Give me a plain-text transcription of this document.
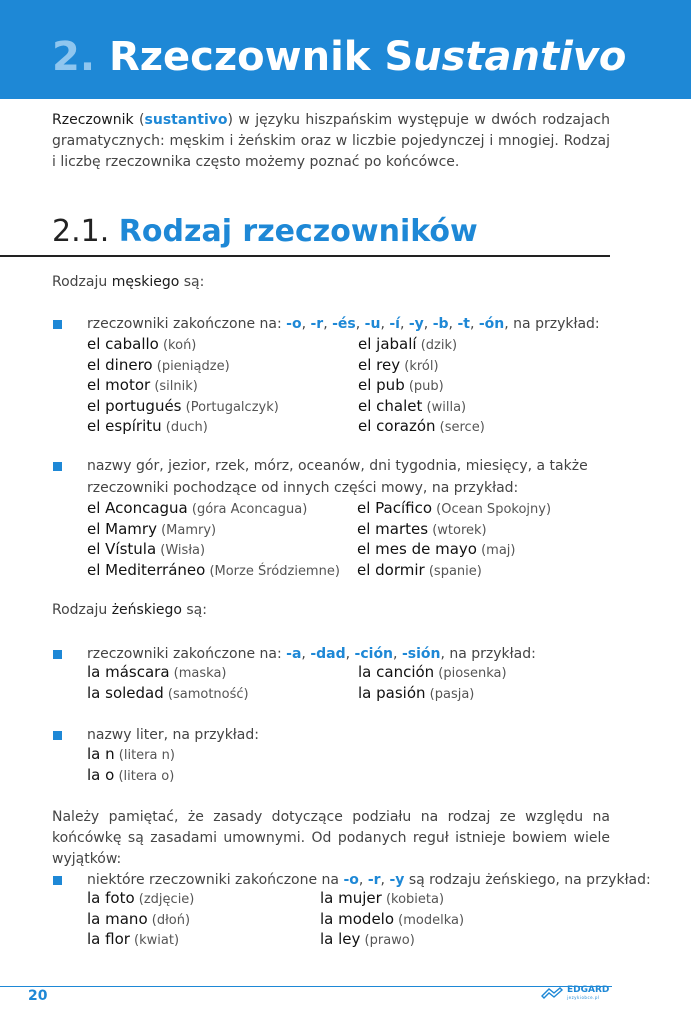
2. Rzeczownik Sustantivo
Rzeczownik (sustantivo) w języku hiszpańskim występuje w dwóch rodzajach gramatycznych: męskim i żeńskim oraz w liczbie pojedynczej i mnogiej. Rodzaj i liczbę rzeczownika często możemy poznać po końcówce.
2.1. Rodzaj rzeczowników
Rodzaju męskiego są:
rzeczowniki zakończone na: -o, -r, -és, -u, -í, -y, -b, -t, -ón, na przykład:
el caballo (koń)
el dinero (pieniądze)
el motor (silnik)
el portugués (Portugalczyk)
el espíritu (duch)
el jabalí (dzik)
el rey (król)
el pub (pub)
el chalet (willa)
el corazón (serce)
nazwy gór, jezior, rzek, mórz, oceanów, dni tygodnia, miesięcy, a także
rzeczowniki pochodzące od innych części mowy, na przykład:
el Aconcagua (góra Aconcagua)
el Mamry (Mamry)
el Vístula (Wisła)
el Mediterráneo (Morze Śródziemne)
el Pacífico (Ocean Spokojny)
el martes (wtorek)
el mes de mayo (maj)
el dormir (spanie)
Rodzaju żeńskiego są:
rzeczowniki zakończone na: -a, -dad, -ción, -sión, na przykład:
la máscara (maska)
la soledad (samotność)
la canción (piosenka)
la pasión (pasja)
nazwy liter, na przykład:
la n (litera n)
la o (litera o)
Należy pamiętać, że zasady dotyczące podziału na rodzaj ze względu na końcówkę są zasadami umownymi. Od podanych reguł istnieje bowiem wiele wyjątków:
niektóre rzeczowniki zakończone na -o, -r, -y są rodzaju żeńskiego, na przykład:
la foto (zdjęcie)
la mano (dłoń)
la flor (kwiat)
la mujer (kobieta)
la modelo (modelka)
la ley (prawo)
20	EDGARD
jezykiobce.pl
